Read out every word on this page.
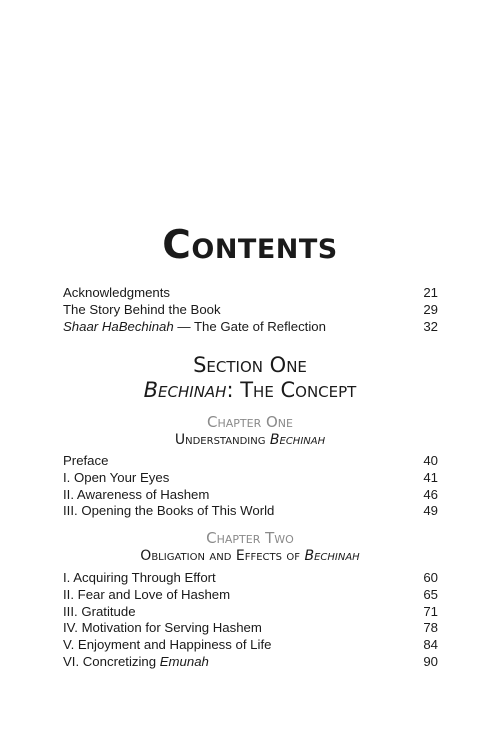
Contents
Acknowledgments	21
The Story Behind the Book	29
Shaar HaBechinah — The Gate of Reflection	32
Section One
Bechinah: The Concept
Chapter One
Understanding Bechinah
Preface	40
I. Open Your Eyes	41
II. Awareness of Hashem	46
III. Opening the Books of This World	49
Chapter Two
Obligation and Effects of Bechinah
I. Acquiring Through Effort	60
II. Fear and Love of Hashem	65
III. Gratitude	71
IV. Motivation for Serving Hashem	78
V. Enjoyment and Happiness of Life	84
VI. Concretizing Emunah	90
